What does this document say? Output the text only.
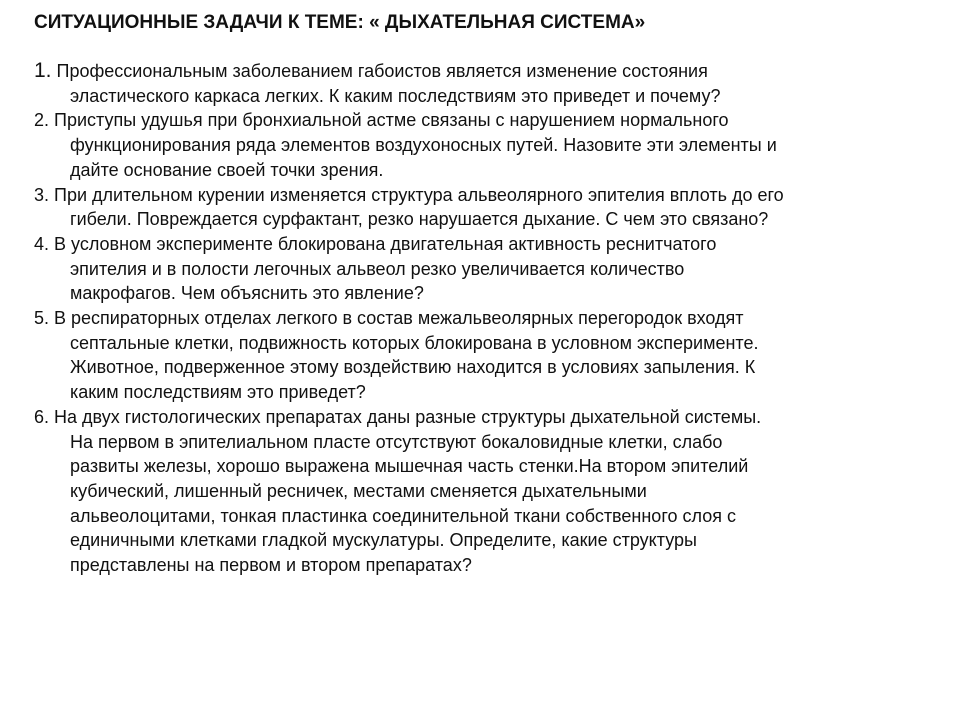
СИТУАЦИОННЫЕ ЗАДАЧИ К ТЕМЕ: « ДЫХАТЕЛЬНАЯ СИСТЕМА»
1. Профессиональным заболеванием габоистов является изменение состояния
эластического каркаса легких. К каким последствиям это приведет и почему?
2. Приступы удушья при бронхиальной астме связаны с нарушением нормального
функционирования ряда элементов воздухоносных путей. Назовите эти элементы и
дайте основание своей точки зрения.
3. При длительном курении изменяется структура альвеолярного эпителия вплоть до его
гибели. Повреждается сурфактант, резко нарушается дыхание. С чем это связано?
4. В условном эксперименте блокирована двигательная активность реснитчатого
эпителия и в полости легочных альвеол резко увеличивается количество
макрофагов. Чем объяснить это явление?
5. В респираторных отделах легкого в состав межальвеолярных перегородок входят
септальные клетки, подвижность которых блокирована в условном эксперименте.
Животное, подверженное этому воздействию находится в условиях запыления. К
каким последствиям это приведет?
6. На двух гистологических препаратах даны разные структуры дыхательной системы.
На первом в эпителиальном пласте отсутствуют бокаловидные клетки, слабо
развиты железы, хорошо выражена мышечная часть стенки.На втором эпителий
кубический, лишенный ресничек, местами сменяется дыхательными
альвеолоцитами, тонкая пластинка соединительной ткани собственного слоя с
единичными клетками гладкой мускулатуры. Определите, какие структуры
представлены на первом и втором препаратах?
